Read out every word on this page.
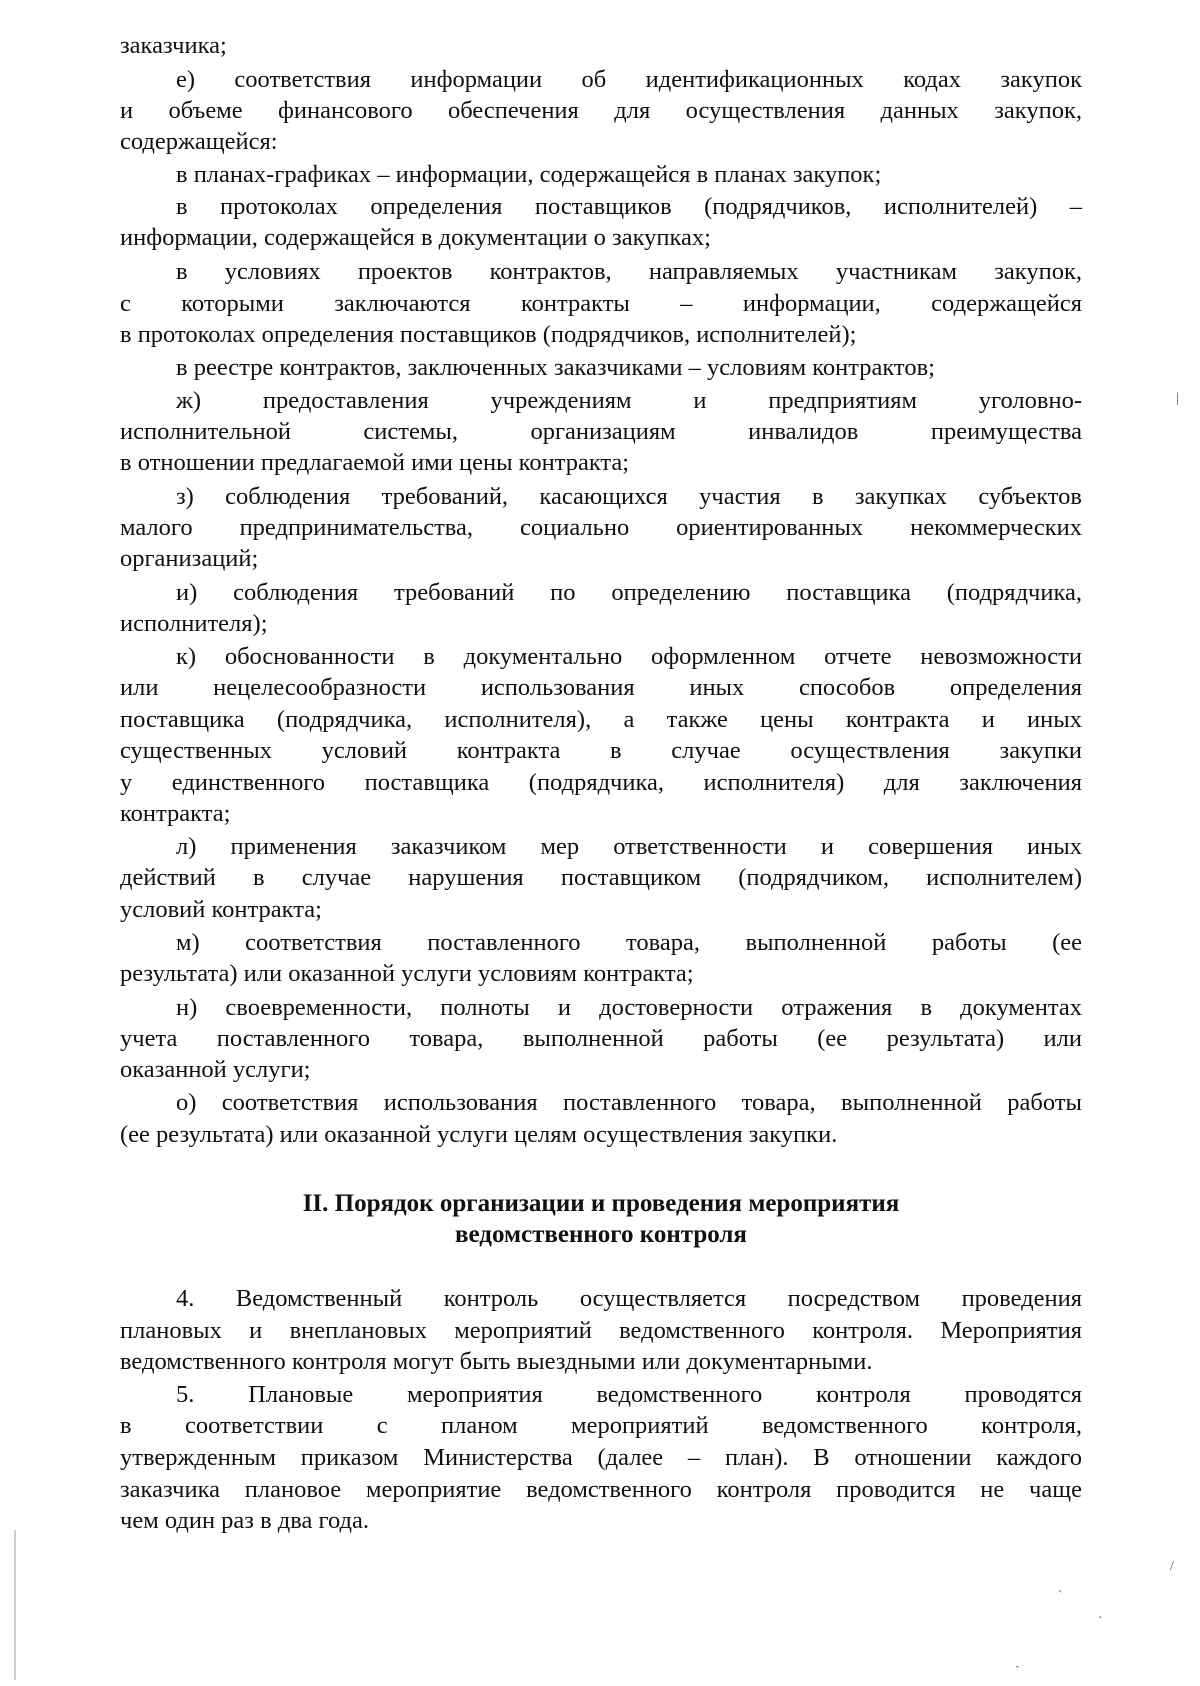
заказчика;
е) соответствия информации об идентификационных кодах закупок
и объеме финансового обеспечения для осуществления данных закупок,
содержащейся:
в планах-графиках – информации, содержащейся в планах закупок;
в протоколах определения поставщиков (подрядчиков, исполнителей) –
информации, содержащейся в документации о закупках;
в условиях проектов контрактов, направляемых участникам закупок,
с которыми заключаются контракты – информации, содержащейся
в протоколах определения поставщиков (подрядчиков, исполнителей);
в реестре контрактов, заключенных заказчиками – условиям контрактов;
ж) предоставления учреждениям и предприятиям уголовно-
исполнительной системы, организациям инвалидов преимущества
в отношении предлагаемой ими цены контракта;
з) соблюдения требований, касающихся участия в закупках субъектов
малого предпринимательства, социально ориентированных некоммерческих
организаций;
и) соблюдения требований по определению поставщика (подрядчика,
исполнителя);
к) обоснованности в документально оформленном отчете невозможности
или нецелесообразности использования иных способов определения
поставщика (подрядчика, исполнителя), а также цены контракта и иных
существенных условий контракта в случае осуществления закупки
у единственного поставщика (подрядчика, исполнителя) для заключения
контракта;
л) применения заказчиком мер ответственности и совершения иных
действий в случае нарушения поставщиком (подрядчиком, исполнителем)
условий контракта;
м) соответствия поставленного товара, выполненной работы (ее
результата) или оказанной услуги условиям контракта;
н) своевременности, полноты и достоверности отражения в документах
учета поставленного товара, выполненной работы (ее результата) или
оказанной услуги;
о) соответствия использования поставленного товара, выполненной работы
(ее результата) или оказанной услуги целям осуществления закупки.
II. Порядок организации и проведения мероприятия
ведомственного контроля
4. Ведомственный контроль осуществляется посредством проведения
плановых и внеплановых мероприятий ведомственного контроля. Мероприятия
ведомственного контроля могут быть выездными или документарными.
5. Плановые мероприятия ведомственного контроля проводятся
в соответствии с планом мероприятий ведомственного контроля,
утвержденным приказом Министерства (далее – план). В отношении каждого
заказчика плановое мероприятие ведомственного контроля проводится не чаще
чем один раз в два года.
|
/
ˋ
·
ˎ
